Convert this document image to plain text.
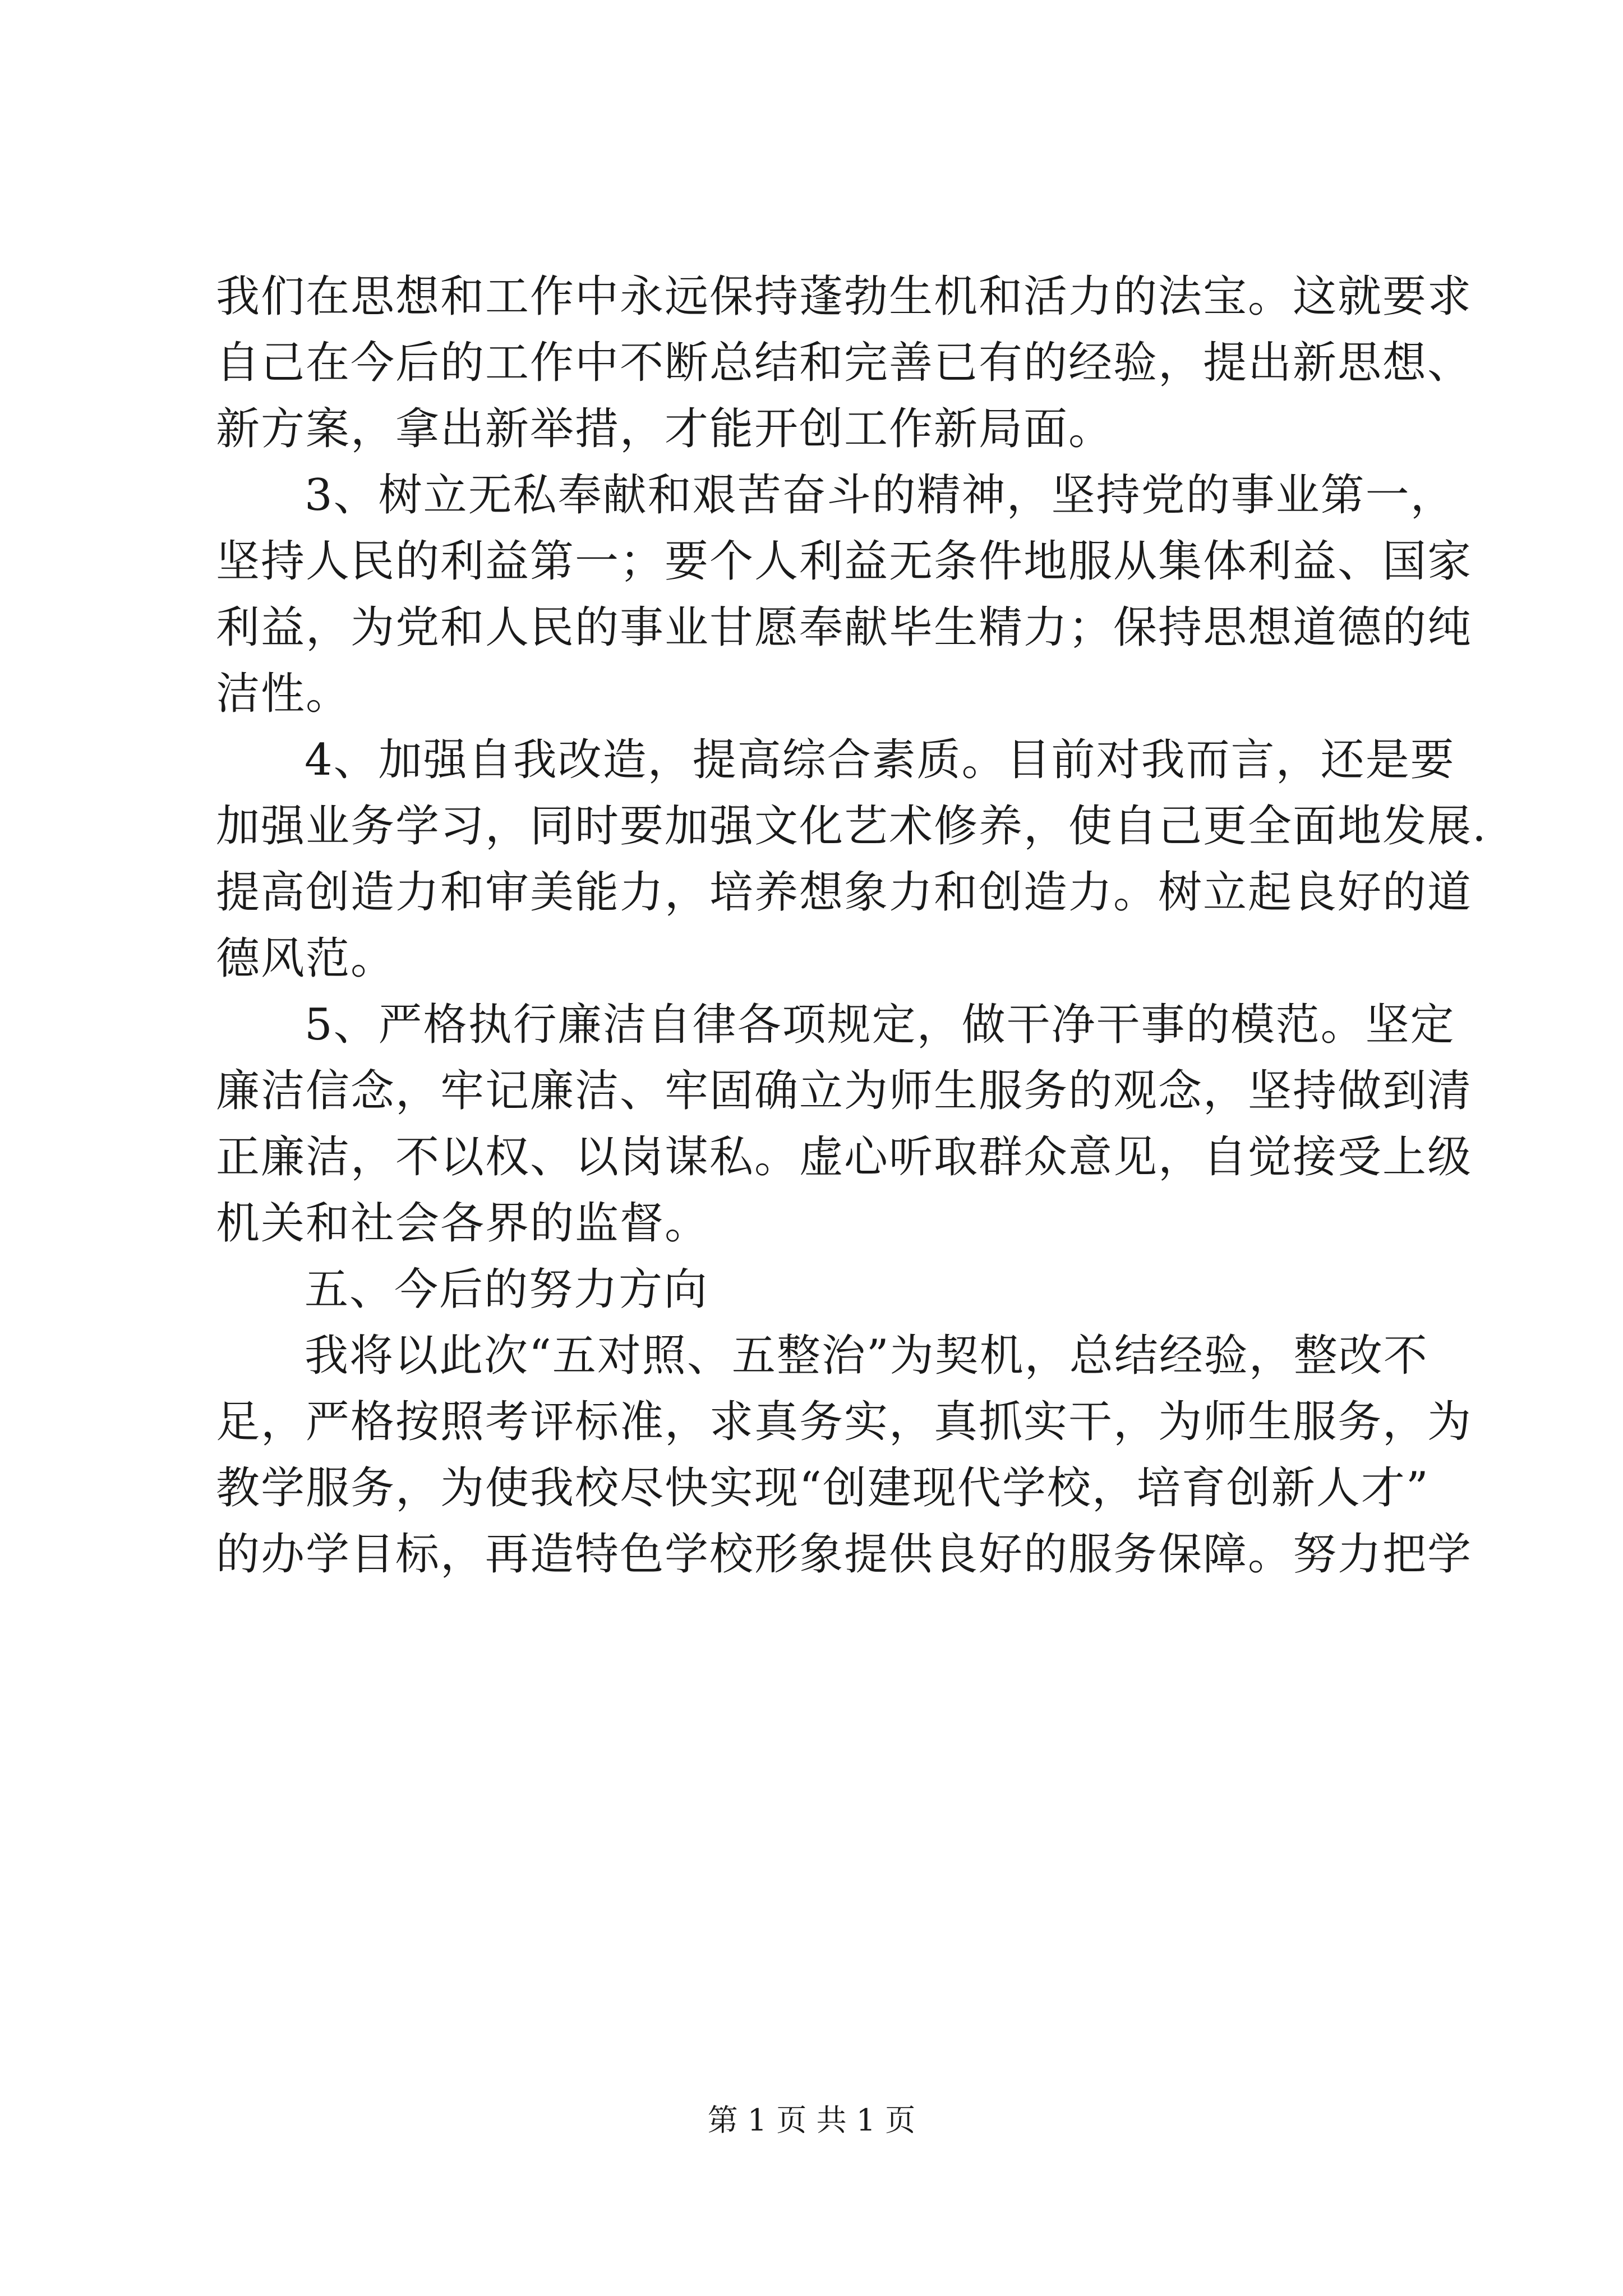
我们在思想和工作中永远保持蓬勃生机和活力的法宝。这就要求
自己在今后的工作中不断总结和完善已有的经验，提出新思想、
新方案，拿出新举措，才能开创工作新局面。
3、树立无私奉献和艰苦奋斗的精神，坚持党的事业第一，
坚持人民的利益第一；要个人利益无条件地服从集体利益、国家
利益，为党和人民的事业甘愿奉献毕生精力；保持思想道德的纯
洁性。
4、加强自我改造，提高综合素质。目前对我而言，还是要
加强业务学习，同时要加强文化艺术修养，使自己更全面地发展.
提高创造力和审美能力，培养想象力和创造力。树立起良好的道
德风范。
5、严格执行廉洁自律各项规定，做干净干事的模范。坚定
廉洁信念，牢记廉洁、牢固确立为师生服务的观念，坚持做到清
正廉洁，不以权、以岗谋私。虚心听取群众意见，自觉接受上级
机关和社会各界的监督。
五、今后的努力方向
我将以此次“五对照、五整治”为契机，总结经验，整改不
足，严格按照考评标准，求真务实，真抓实干，为师生服务，为
教学服务，为使我校尽快实现“创建现代学校，培育创新人才”
的办学目标，再造特色学校形象提供良好的服务保障。努力把学
第 1 页 共 1 页
